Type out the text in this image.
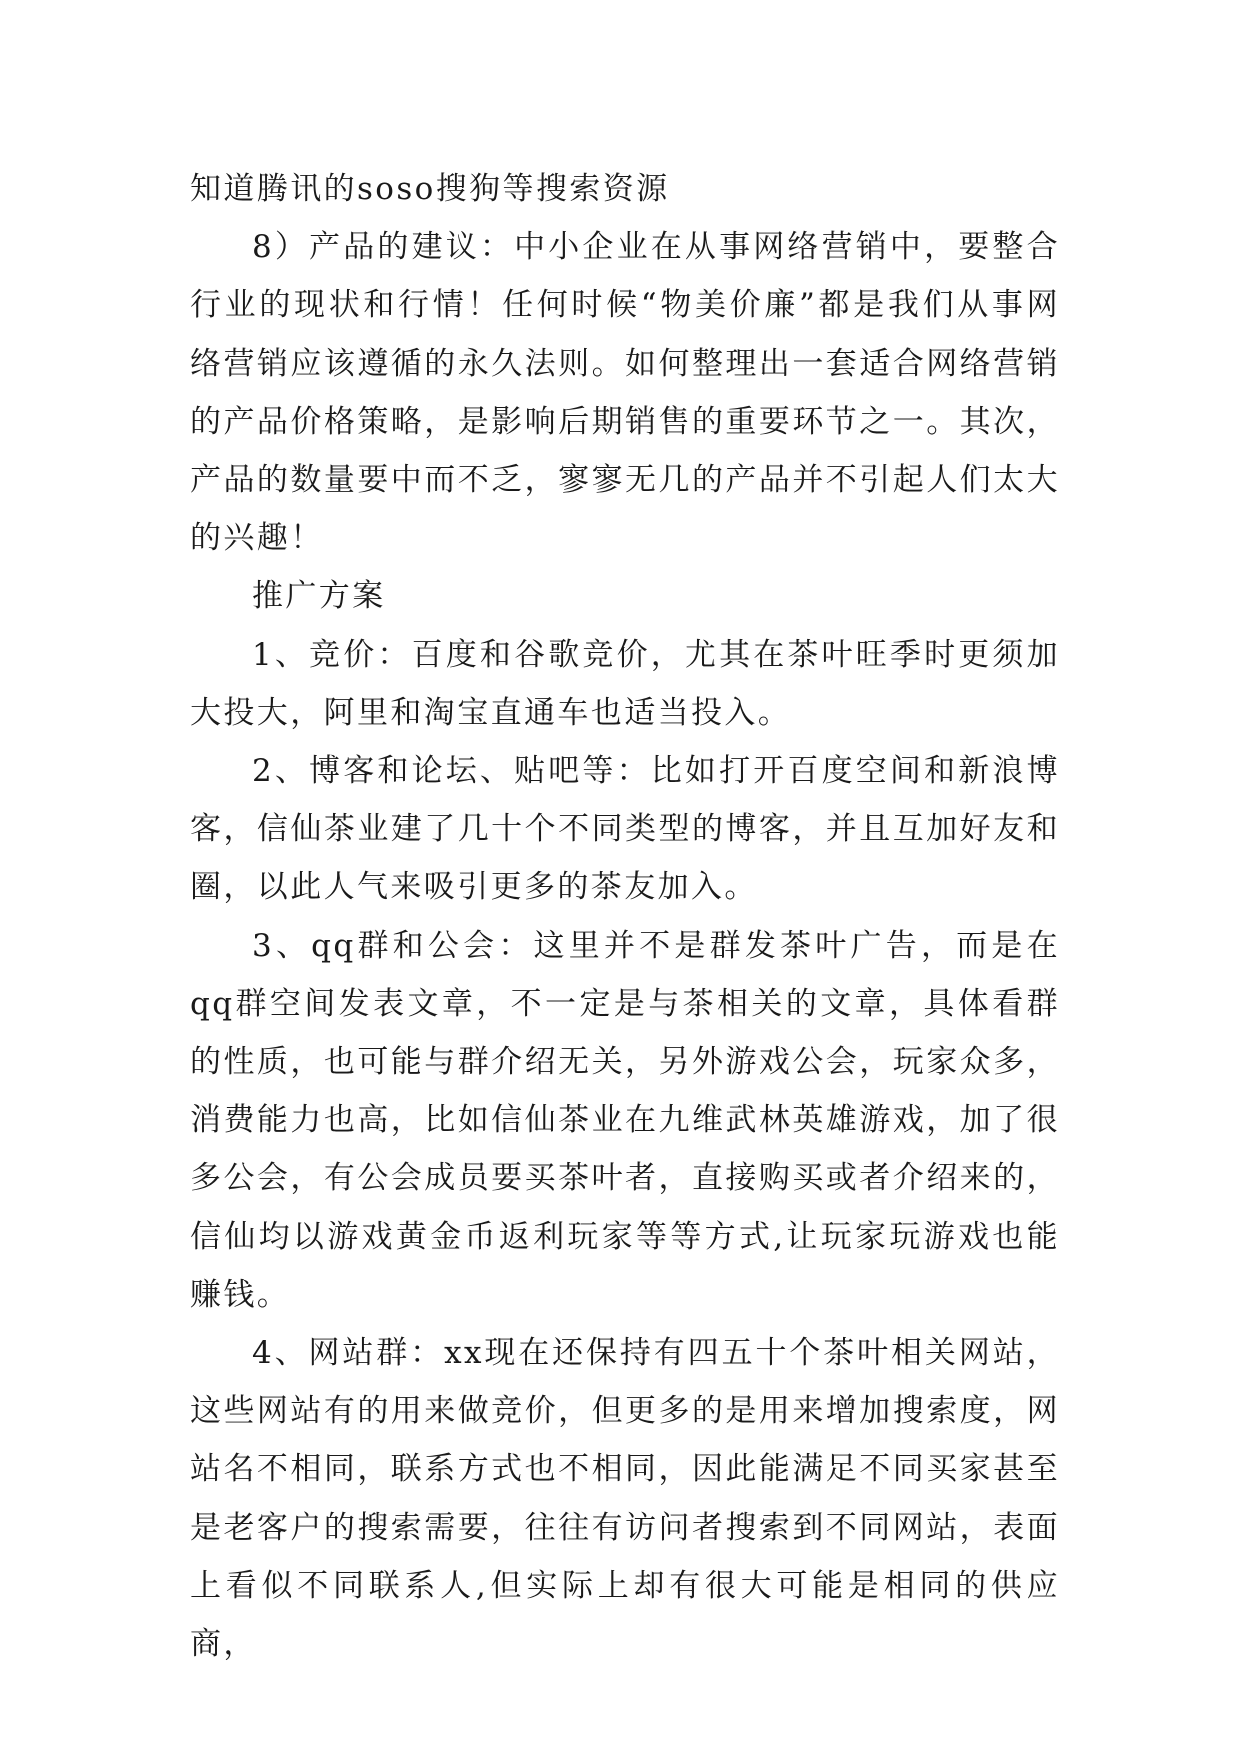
知道腾讯的soso搜狗等搜索资源

8）产品的建议：中小企业在从事网络营销中，要整合行业的现状和行情！任何时候“物美价廉”都是我们从事网络营销应该遵循的永久法则。如何整理出一套适合网络营销的产品价格策略，是影响后期销售的重要环节之一。其次，产品的数量要中而不乏，寥寥无几的产品并不引起人们太大的兴趣！

推广方案

1、竞价：百度和谷歌竞价，尤其在茶叶旺季时更须加大投大，阿里和淘宝直通车也适当投入。

2、博客和论坛、贴吧等：比如打开百度空间和新浪博客，信仙茶业建了几十个不同类型的博客，并且互加好友和圈，以此人气来吸引更多的茶友加入。

3、qq群和公会：这里并不是群发茶叶广告，而是在qq群空间发表文章，不一定是与茶相关的文章，具体看群的性质，也可能与群介绍无关，另外游戏公会，玩家众多，消费能力也高，比如信仙茶业在九维武林英雄游戏，加了很多公会，有公会成员要买茶叶者，直接购买或者介绍来的，信仙均以游戏黄金币返利玩家等等方式,让玩家玩游戏也能赚钱。

4、网站群：xx现在还保持有四五十个茶叶相关网站，这些网站有的用来做竞价，但更多的是用来增加搜索度，网站名不相同，联系方式也不相同，因此能满足不同买家甚至是老客户的搜索需要，往往有访问者搜索到不同网站，表面上看似不同联系人,但实际上却有很大可能是相同的供应商，
